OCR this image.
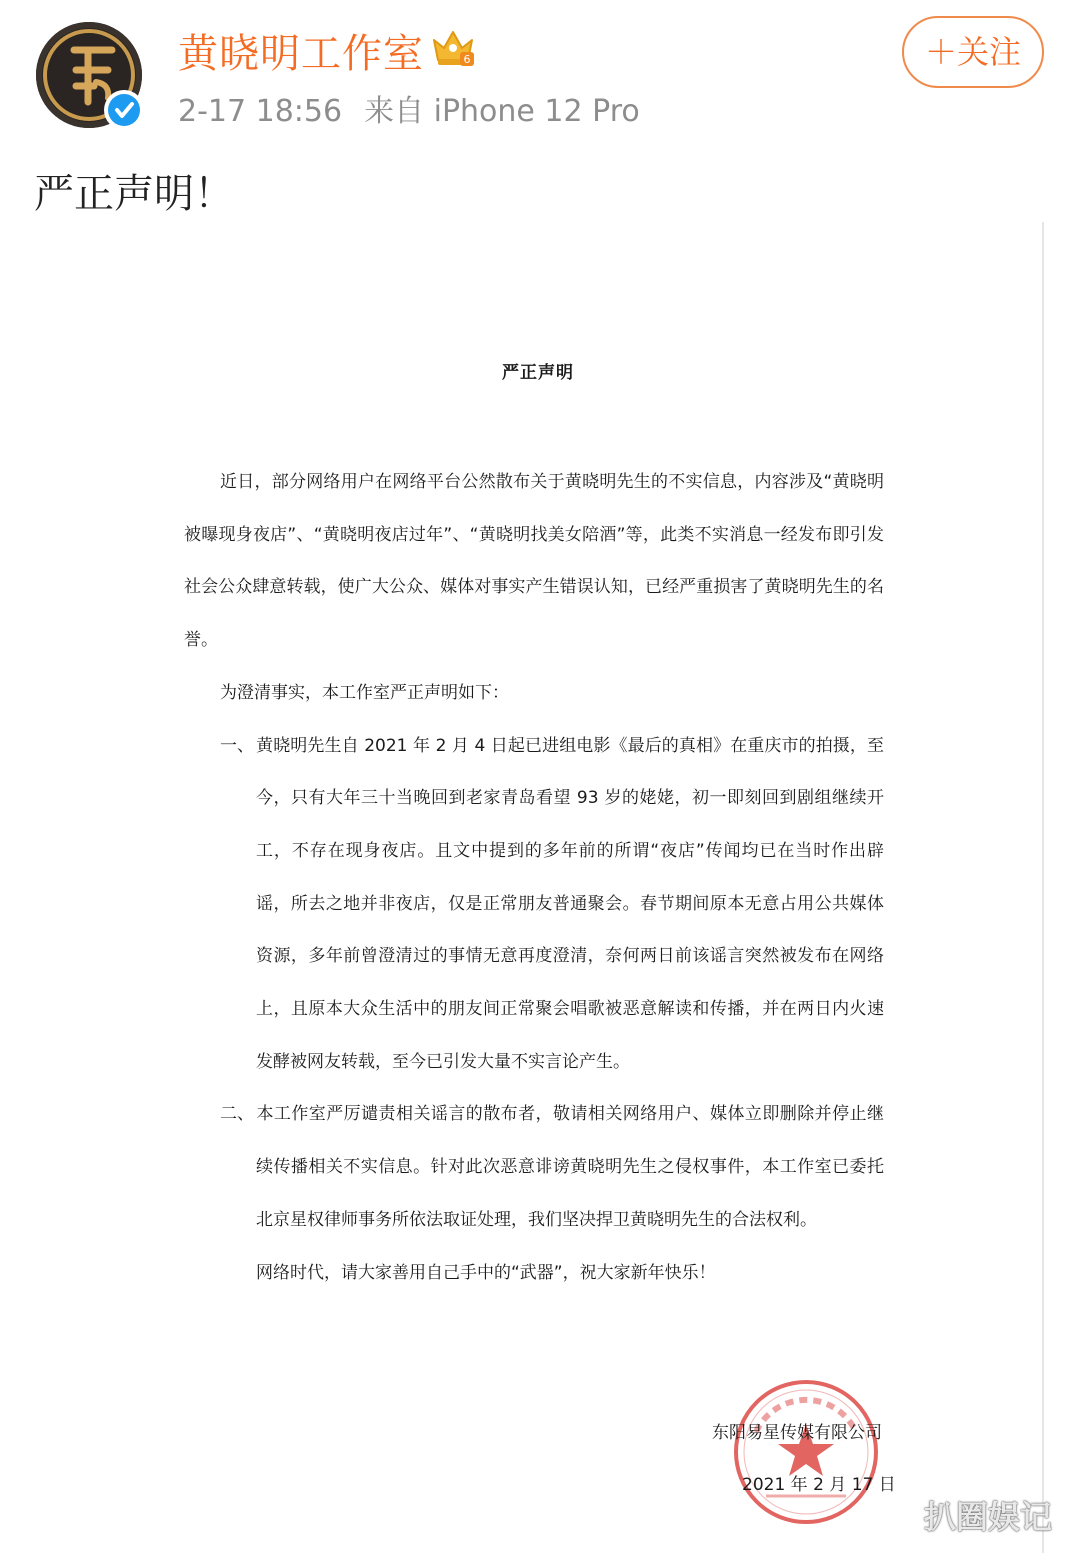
黄晓明工作室	6
2-17 18:56 来自 iPhone 12 Pro
＋关注
严正声明！
严正声明
近日，部分网络用户在网络平台公然散布关于黄晓明先生的不实信息，内容涉及“黄晓明被曝现身夜店”、“黄晓明夜店过年”、“黄晓明找美女陪酒”等，此类不实消息一经发布即引发社会公众肆意转载，使广大公众、媒体对事实产生错误认知，已经严重损害了黄晓明先生的名誉。
为澄清事实，本工作室严正声明如下：
一、 黄晓明先生自 2021 年 2 月 4 日起已进组电影《最后的真相》在重庆市的拍摄，至今，只有大年三十当晚回到老家青岛看望 93 岁的姥姥，初一即刻回到剧组继续开工，不存在现身夜店。且文中提到的多年前的所谓“夜店”传闻均已在当时作出辟谣，所去之地并非夜店，仅是正常朋友普通聚会。春节期间原本无意占用公共媒体资源，多年前曾澄清过的事情无意再度澄清，奈何两日前该谣言突然被发布在网络上，且原本大众生活中的朋友间正常聚会唱歌被恶意解读和传播，并在两日内火速发酵被网友转载，至今已引发大量不实言论产生。
二、 本工作室严厉谴责相关谣言的散布者，敬请相关网络用户、媒体立即删除并停止继续传播相关不实信息。针对此次恶意诽谤黄晓明先生之侵权事件，本工作室已委托北京星权律师事务所依法取证处理，我们坚决捍卫黄晓明先生的合法权利。
网络时代，请大家善用自己手中的“武器”，祝大家新年快乐！
东阳易星传媒有限公司
2021 年 2 月 17 日
扒圈娱记
